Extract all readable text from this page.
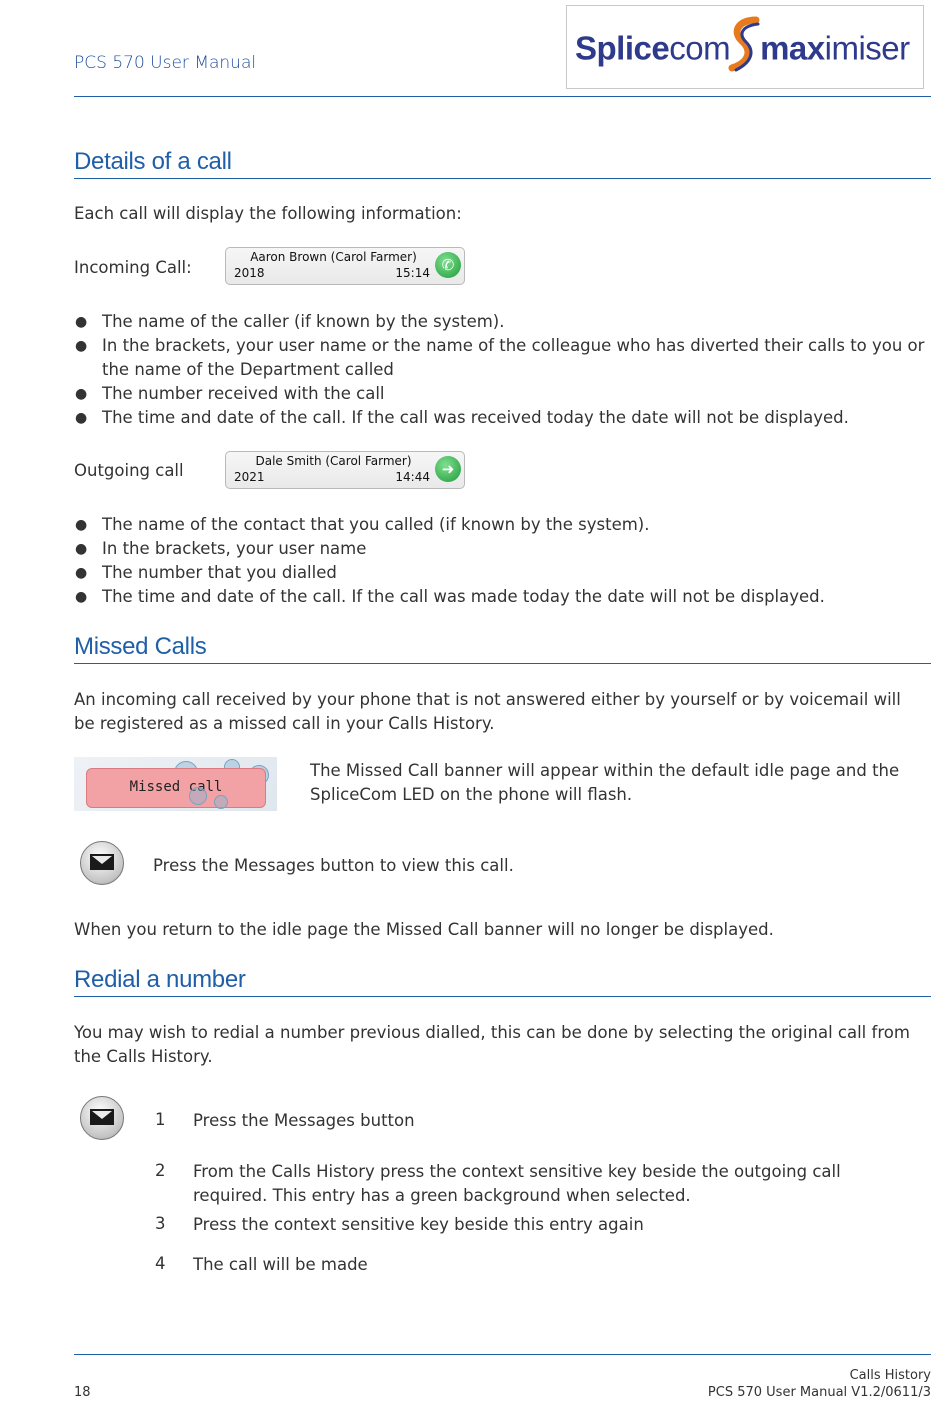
PCS 570 User Manual	Splicecom maximiser
Details of a call
Each call will display the following information:
Incoming Call:
Aaron Brown (Carol Farmer)
2018	15:14 ✆
● The name of the caller (if known by the system).
● In the brackets, your user name or the name of the colleague who has diverted their calls to you or the name of the Department called
● The number received with the call
● The time and date of the call. If the call was received today the date will not be displayed.
Outgoing call	Dale Smith (Carol Farmer)
2021	14:44 ➜
● The name of the contact that you called (if known by the system).
● In the brackets, your user name
● The number that you dialled
● The time and date of the call. If the call was made today the date will not be displayed.
Missed Calls
An incoming call received by your phone that is not answered either by yourself or by voicemail will be registered as a missed call in your Calls History.
Missed call
The Missed Call banner will appear within the default idle page and the SpliceCom LED on the phone will flash.
Press the Messages button to view this call.
When you return to the idle page the Missed Call banner will no longer be displayed.
Redial a number
You may wish to redial a number previous dialled, this can be done by selecting the original call from the Calls History.
1 Press the Messages button
2 From the Calls History press the context sensitive key beside the outgoing call required. This entry has a green background when selected.
3 Press the context sensitive key beside this entry again
4 The call will be made
18
Calls History
PCS 570 User Manual V1.2/0611/3
